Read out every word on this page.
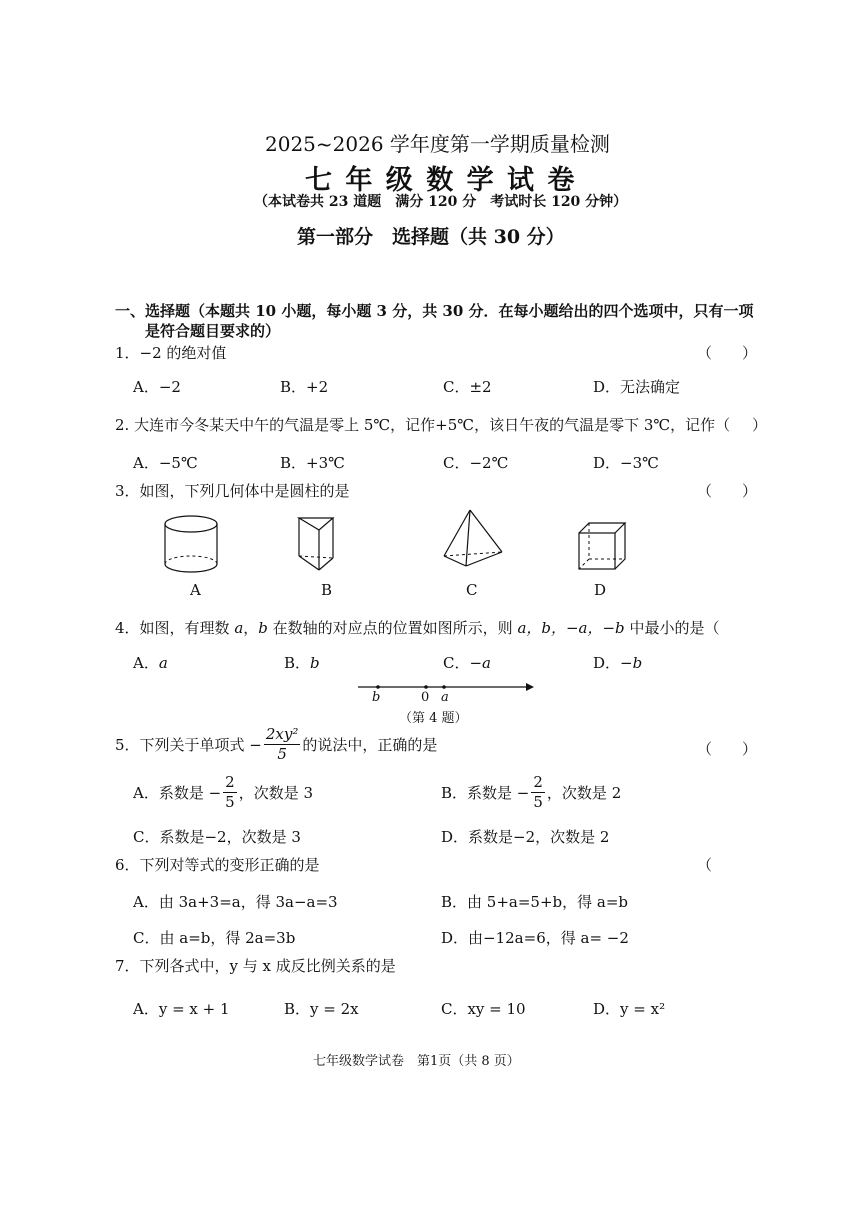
2025~2026 学年度第一学期质量检测
七 年 级 数 学 试 卷
（本试卷共 23 道题　满分 120 分　考试时长 120 分钟）
第一部分　选择题（共 30 分）
一、选择题（本题共 10 小题，每小题 3 分，共 30 分．在每小题给出的四个选项中，只有一项
是符合题目要求的）
1．−2 的绝对值	（　　）
A．−2	B．+2	C．±2	D．无法确定
2. 大连市今冬某天中午的气温是零上 5℃，记作+5℃，该日午夜的气温是零下 3℃，记作（ ）
A．−5℃	B．+3℃	C．−2℃	D．−3℃
3．如图，下列几何体中是圆柱的是	（　　）
A	B	C	D
4．如图，有理数 a，b 在数轴的对应点的位置如图所示，则 a，b，−a，−b 中最小的是（
A．a	B．b	C．−a	D．−b
b	0 a
（第 4 题）
5．下列关于单项式 − $\frac{\text{2xy²}}{5}$ 的说法中，正确的是	（　　）
A．系数是 − $\frac{2}{5}$ ，次数是 3	B．系数是 − $\frac{2}{5}$ ，次数是 2
C．系数是−2，次数是 3	D．系数是−2，次数是 2
6．下列对等式的变形正确的是	（
A．由 3a+3=a，得 3a−a=3	B．由 5+a=5+b，得 a=b
C．由 a=b，得 2a=3b	D．由−12a=6，得 a= −2
7．下列各式中，y 与 x 成反比例关系的是
A．y = x + 1	B．y = 2x	C．xy = 10	D．y = x²
七年级数学试卷　第1页（共 8 页）
